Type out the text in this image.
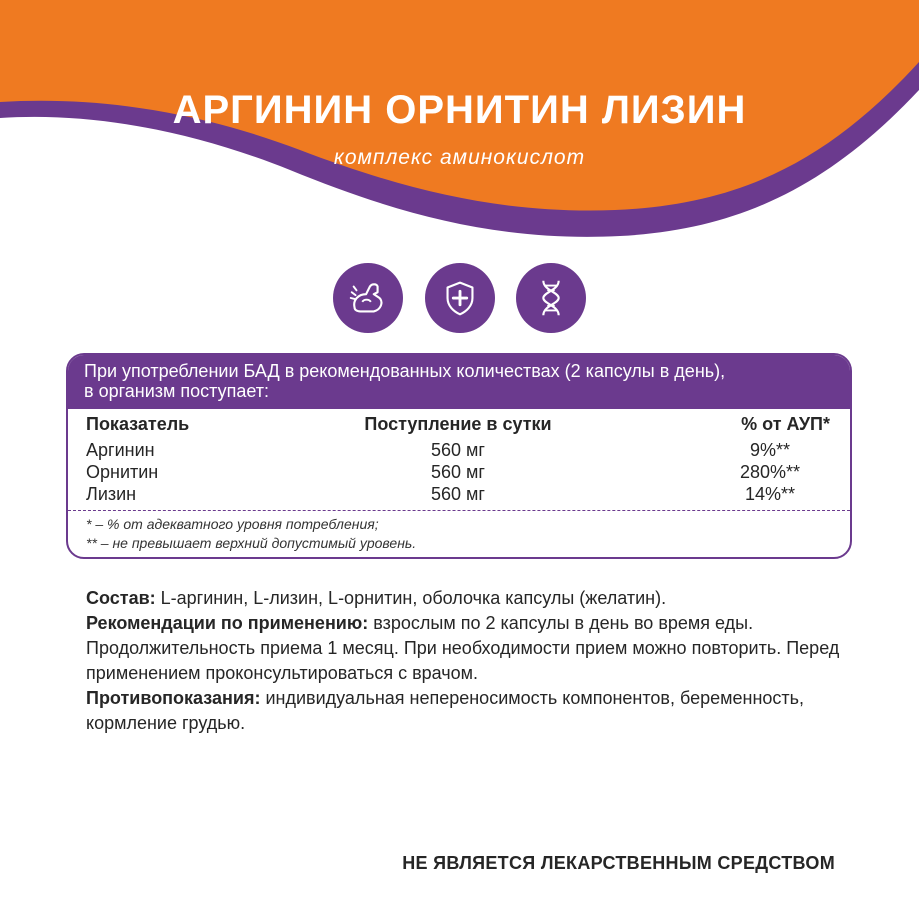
АРГИНИН ОРНИТИН ЛИЗИН
комплекс аминокислот
При употреблении БАД в рекомендованных количествах (2 капсулы в день),
в организм поступает:
Показатель	Поступление в сутки	% от АУП*
Аргинин	560 мг	9%**
Орнитин	560 мг	280%**
Лизин	560 мг	14%**
* – % от адекватного уровня потребления;
** – не превышает верхний допустимый уровень.

Состав: L-аргинин, L-лизин, L-орнитин, оболочка капсулы (желатин).

Рекомендации по применению: взрослым по 2 капсулы в день во время еды. Продолжительность приема 1 месяц. При необходимости прием можно повторить. Перед применением проконсультироваться с врачом.

Противопоказания: индивидуальная непереносимость компонентов, беременность, кормление грудью.

НЕ ЯВЛЯЕТСЯ ЛЕКАРСТВЕННЫМ СРЕДСТВОМ
